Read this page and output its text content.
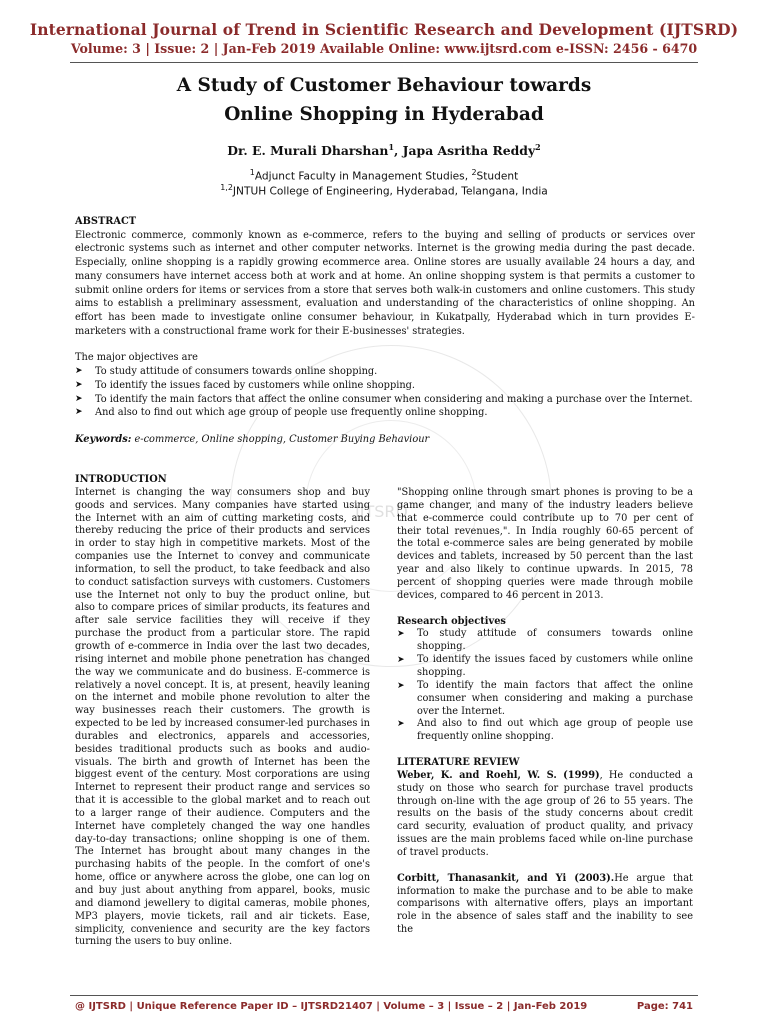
IJTSRD
International Journal of Trend in Scientific Research and Development (IJTSRD)
Volume: 3 | Issue: 2 | Jan-Feb 2019 Available Online: www.ijtsrd.com e-ISSN: 2456 - 6470
A Study of Customer Behaviour towards
Online Shopping in Hyderabad
Dr. E. Murali Dharshan$^1$, Japa Asritha Reddy$^2$
$^1$Adjunct Faculty in Management Studies, $^2$Student
$^{1,2}$JNTUH College of Engineering, Hyderabad, Telangana, India
ABSTRACT

Electronic commerce, commonly known as e-commerce, refers to the buying and selling of products or services over electronic systems such as internet and other computer networks. Internet is the growing media during the past decade. Especially, online shopping is a rapidly growing ecommerce area. Online stores are usually available 24 hours a day, and many consumers have internet access both at work and at home. An online shopping system is that permits a customer to submit online orders for items or services from a store that serves both walk-in customers and online customers. This study aims to establish a preliminary assessment, evaluation and understanding of the characteristics of online shopping. An effort has been made to investigate online consumer behaviour, in Kukatpally, Hyderabad which in turn provides E-marketers with a constructional frame work for their E-businesses' strategies.

The major objectives are
➤ To study attitude of consumers towards online shopping.
➤ To identify the issues faced by customers while online shopping.
➤ To identify the main factors that affect the online consumer when considering and making a purchase over the Internet.
➤ And also to find out which age group of people use frequently online shopping.
Keywords: e-commerce, Online shopping, Customer Buying Behaviour
INTRODUCTION

Internet is changing the way consumers shop and buy goods and services. Many companies have started using the Internet with an aim of cutting marketing costs, and thereby reducing the price of their products and services in order to stay high in competitive markets. Most of the companies use the Internet to convey and communicate information, to sell the product, to take feedback and also to conduct satisfaction surveys with customers. Customers use the Internet not only to buy the product online, but also to compare prices of similar products, its features and after sale service facilities they will receive if they purchase the product from a particular store. The rapid growth of e-commerce in India over the last two decades, rising internet and mobile phone penetration has changed the way we communicate and do business. E-commerce is relatively a novel concept. It is, at present, heavily leaning on the internet and mobile phone revolution to alter the way businesses reach their customers. The growth is expected to be led by increased consumer-led purchases in durables and electronics, apparels and accessories, besides traditional products such as books and audio-visuals. The birth and growth of Internet has been the biggest event of the century. Most corporations are using Internet to represent their product range and services so that it is accessible to the global market and to reach out to a larger range of their audience. Computers and the Internet have completely changed the way one handles day-to-day transactions; online shopping is one of them. The Internet has brought about many changes in the purchasing habits of the people. In the comfort of one's home, office or anywhere across the globe, one can log on and buy just about anything from apparel, books, music and diamond jewellery to digital cameras, mobile phones, MP3 players, movie tickets, rail and air tickets. Ease, simplicity, convenience and security are the key factors turning the users to buy online.

"Shopping online through smart phones is proving to be a game changer, and many of the industry leaders believe that e-commerce could contribute up to 70 per cent of their total revenues,". In India roughly 60-65 percent of the total e-commerce sales are being generated by mobile devices and tablets, increased by 50 percent than the last year and also likely to continue upwards. In 2015, 78 percent of shopping queries were made through mobile devices, compared to 46 percent in 2013.

Research objectives
➤ To study attitude of consumers towards online shopping.
➤ To identify the issues faced by customers while online shopping.
➤ To identify the main factors that affect the online consumer when considering and making a purchase over the Internet.
➤ And also to find out which age group of people use frequently online shopping.
LITERATURE REVIEW

Weber, K. and Roehl, W. S. (1999), He conducted a study on those who search for purchase travel products through on-line with the age group of 26 to 55 years. The results on the basis of the study concerns about credit card security, evaluation of product quality, and privacy issues are the main problems faced while on-line purchase of travel products.

Corbitt, Thanasankit, and Yi (2003).He argue that information to make the purchase and to be able to make comparisons with alternative offers, plays an important role in the absence of sales staff and the inability to see the

@ IJTSRD | Unique Reference Paper ID – IJTSRD21407 | Volume – 3 | Issue – 2 | Jan-Feb 2019	Page: 741
